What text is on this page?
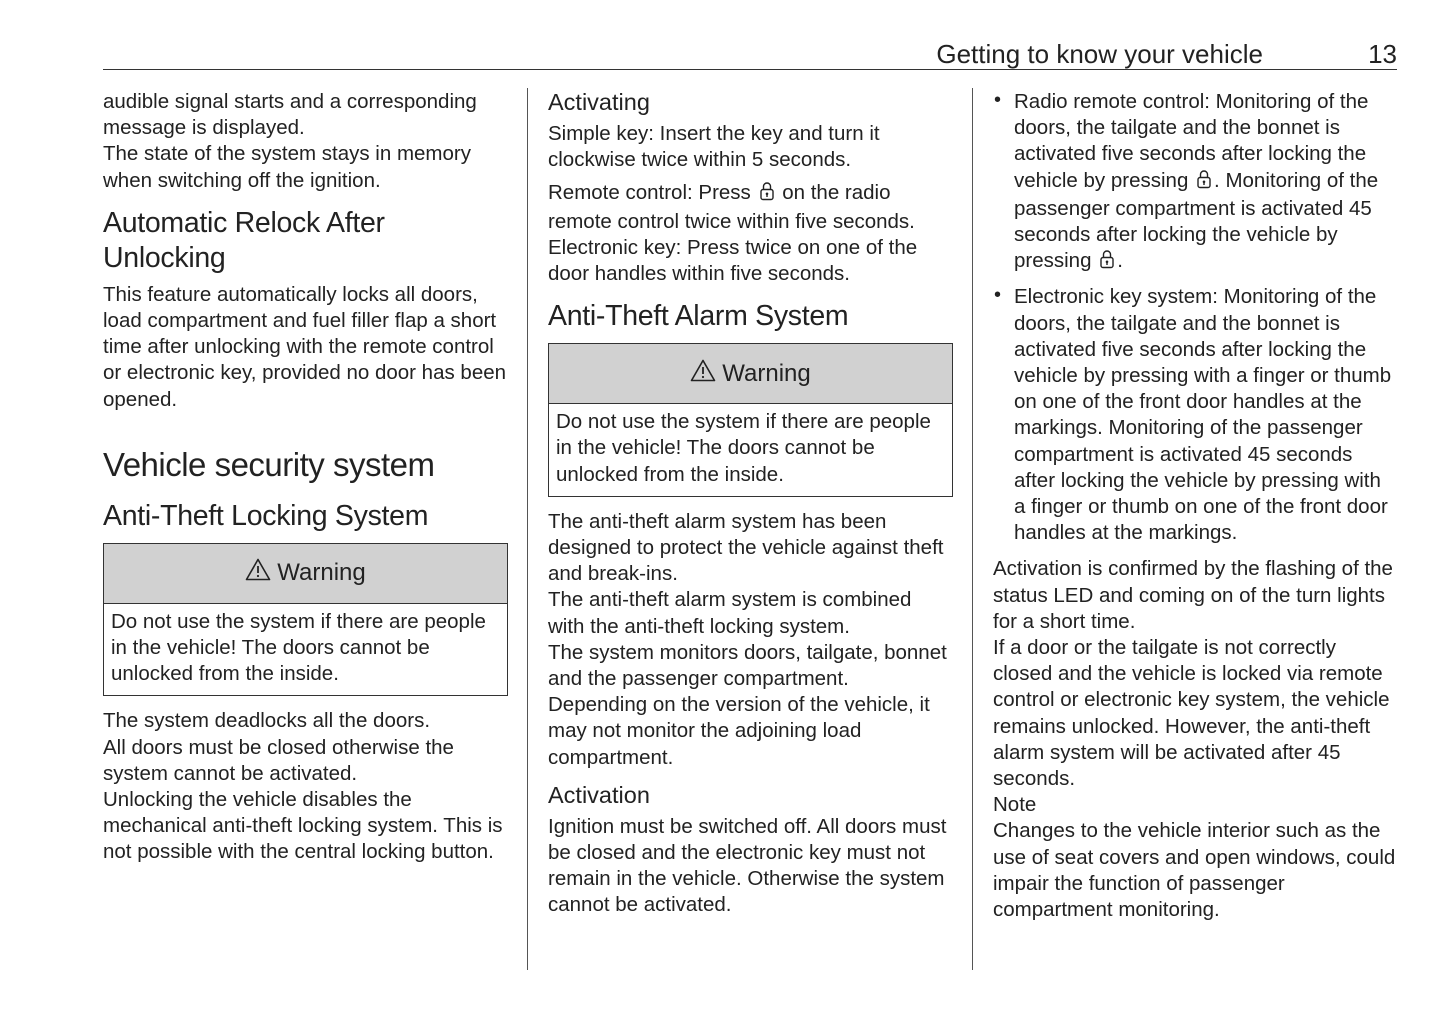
Getting to know your vehicle	13

audible signal starts and a corresponding message is displayed.

The state of the system stays in memory when switching off the ignition.

Automatic Relock After Unlocking

This feature automatically locks all doors, load compartment and fuel filler flap a short time after unlocking with the remote control or electronic key, provided no door has been opened.

Vehicle security system
Anti-Theft Locking System
Warning
Do not use the system if there are people in the vehicle! The doors cannot be unlocked from the inside.

The system deadlocks all the doors.

All doors must be closed otherwise the system cannot be activated.

Unlocking the vehicle disables the mechanical anti-theft locking system. This is not possible with the central locking button.

Activating

Simple key: Insert the key and turn it clockwise twice within 5 seconds.

Remote control: Press on the radio remote control twice within five seconds.

Electronic key: Press twice on one of the door handles within five seconds.

Anti-Theft Alarm System
Warning
Do not use the system if there are people in the vehicle! The doors cannot be unlocked from the inside.

The anti-theft alarm system has been designed to protect the vehicle against theft and break-ins.

The anti-theft alarm system is combined with the anti-theft locking system.

The system monitors doors, tailgate, bonnet and the passenger compartment.

Depending on the version of the vehicle, it may not monitor the adjoining load compartment.

Activation

Ignition must be switched off. All doors must be closed and the electronic key must not remain in the vehicle. Otherwise the system cannot be activated.

• Radio remote control: Monitoring of the doors, the tailgate and the bonnet is activated five seconds after locking the vehicle by pressing . Monitoring of the passenger compartment is activated 45 seconds after locking the vehicle by pressing .

• Electronic key system: Monitoring of the doors, the tailgate and the bonnet is activated five seconds after locking the vehicle by pressing with a finger or thumb on one of the front door handles at the markings. Monitoring of the passenger compartment is activated 45 seconds after locking the vehicle by pressing with a finger or thumb on one of the front door handles at the markings.

Activation is confirmed by the flashing of the status LED and coming on of the turn lights for a short time.

If a door or the tailgate is not correctly closed and the vehicle is locked via remote control or electronic key system, the vehicle remains unlocked. However, the anti-theft alarm system will be activated after 45 seconds.

Note

Changes to the vehicle interior such as the use of seat covers and open windows, could impair the function of passenger compartment monitoring.
